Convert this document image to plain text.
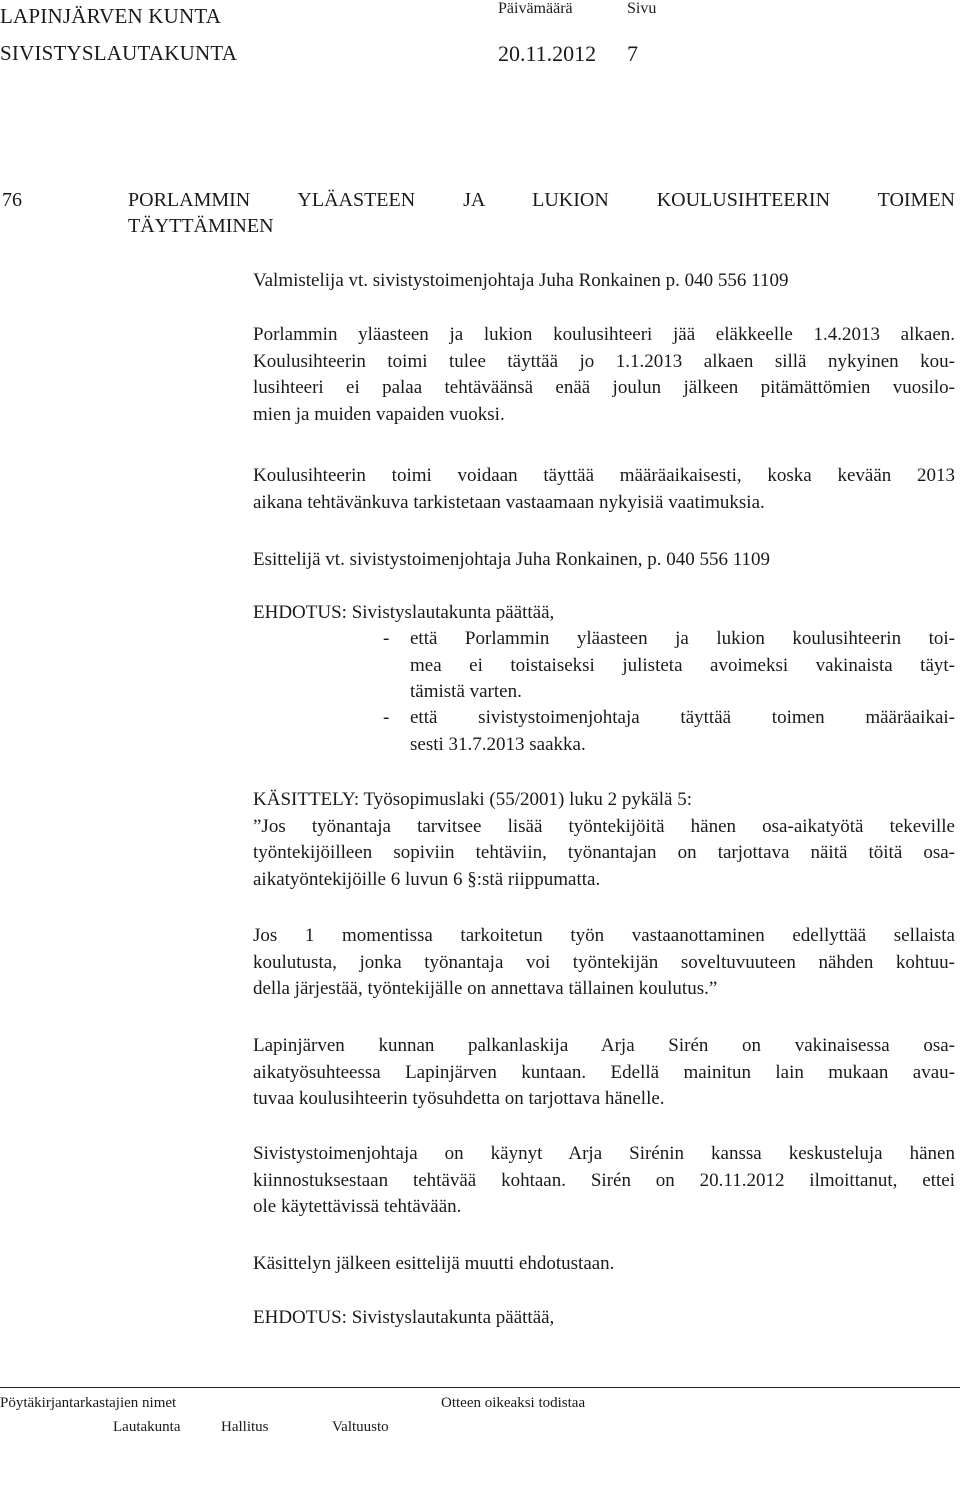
LAPINJÄRVEN KUNTA
SIVISTYSLAUTAKUNTA
Päivämäärä	Sivu
20.11.2012 7
76	PORLAMMIN YLÄASTEEN JA LUKION KOULUSIHTEERIN TOIMEN
TÄYTTÄMINEN
Valmistelija vt. sivistystoimenjohtaja Juha Ronkainen p. 040 556 1109
Porlammin yläasteen ja lukion koulusihteeri jää eläkkeelle 1.4.2013 alkaen.
Koulusihteerin toimi tulee täyttää jo 1.1.2013 alkaen sillä nykyinen kou-
lusihteeri ei palaa tehtäväänsä enää joulun jälkeen pitämättömien vuosilo-
mien ja muiden vapaiden vuoksi.
Koulusihteerin toimi voidaan täyttää määräaikaisesti, koska kevään 2013
aikana tehtävänkuva tarkistetaan vastaamaan nykyisiä vaatimuksia.
Esittelijä vt. sivistystoimenjohtaja Juha Ronkainen, p. 040 556 1109
EHDOTUS: Sivistyslautakunta päättää,
- että Porlammin yläasteen ja lukion koulusihteerin toi-
mea ei toistaiseksi julisteta avoimeksi vakinaista täyt-
tämistä varten.
- että sivistystoimenjohtaja täyttää toimen määräaikai-
sesti 31.7.2013 saakka.
KÄSITTELY: Työsopimuslaki (55/2001) luku 2 pykälä 5:
”Jos työnantaja tarvitsee lisää työntekijöitä hänen osa-aikatyötä tekeville
työntekijöilleen sopiviin tehtäviin, työnantajan on tarjottava näitä töitä osa-
aikatyöntekijöille 6 luvun 6 §:stä riippumatta.
Jos 1 momentissa tarkoitetun työn vastaanottaminen edellyttää sellaista
koulutusta, jonka työnantaja voi työntekijän soveltuvuuteen nähden kohtuu-
della järjestää, työntekijälle on annettava tällainen koulutus.”
Lapinjärven kunnan palkanlaskija Arja Sirén on vakinaisessa osa-
aikatyösuhteessa Lapinjärven kuntaan. Edellä mainitun lain mukaan avau-
tuvaa koulusihteerin työsuhdetta on tarjottava hänelle.
Sivistystoimenjohtaja on käynyt Arja Sirénin kanssa keskusteluja hänen
kiinnostuksestaan tehtävää kohtaan. Sirén on 20.11.2012 ilmoittanut, ettei
ole käytettävissä tehtävään.
Käsittelyn jälkeen esittelijä muutti ehdotustaan.
EHDOTUS: Sivistyslautakunta päättää,
Pöytäkirjantarkastajien nimet	Otteen oikeaksi todistaa
Lautakunta	Hallitus	Valtuusto
